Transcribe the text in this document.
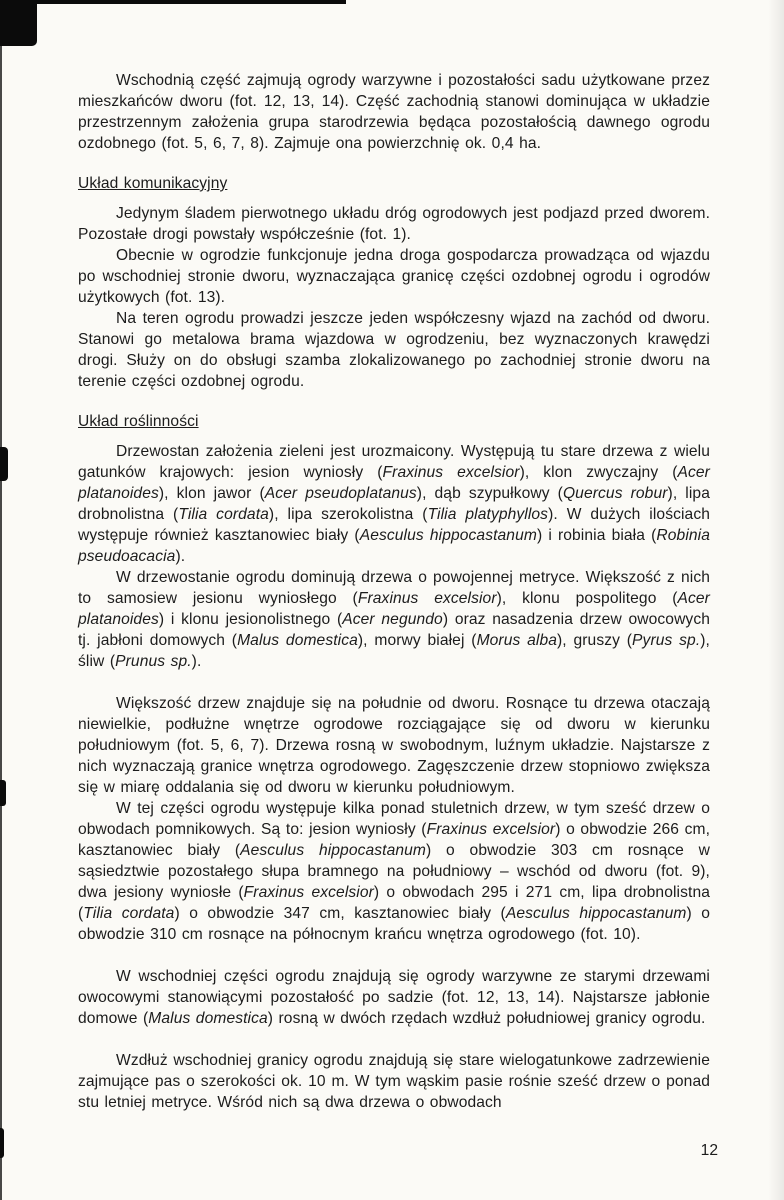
Wschodnią część zajmują ogrody warzywne i pozostałości sadu użytkowane przez mieszkańców dworu (fot. 12, 13, 14). Część zachodnią stanowi dominująca w układzie przestrzennym założenia grupa starodrzewia będąca pozostałością dawnego ogrodu ozdobnego (fot. 5, 6, 7, 8). Zajmuje ona powierzchnię ok. 0,4 ha.

Układ komunikacyjny

Jedynym śladem pierwotnego układu dróg ogrodowych jest podjazd przed dworem. Pozostałe drogi powstały współcześnie (fot. 1).

Obecnie w ogrodzie funkcjonuje jedna droga gospodarcza prowadząca od wjazdu po wschodniej stronie dworu, wyznaczająca granicę części ozdobnej ogrodu i ogrodów użytkowych (fot. 13).

Na teren ogrodu prowadzi jeszcze jeden współczesny wjazd na zachód od dworu. Stanowi go metalowa brama wjazdowa w ogrodzeniu, bez wyznaczonych krawędzi drogi. Służy on do obsługi szamba zlokalizowanego po zachodniej stronie dworu na terenie części ozdobnej ogrodu.

Układ roślinności

Drzewostan założenia zieleni jest urozmaicony. Występują tu stare drzewa z wielu gatunków krajowych: jesion wyniosły (Fraxinus excelsior), klon zwyczajny (Acer platanoides), klon jawor (Acer pseudoplatanus), dąb szypułkowy (Quercus robur), lipa drobnolistna (Tilia cordata), lipa szerokolistna (Tilia platyphyllos). W dużych ilościach występuje również kasztanowiec biały (Aesculus hippocastanum) i robinia biała (Robinia pseudoacacia).

W drzewostanie ogrodu dominują drzewa o powojennej metryce. Większość z nich to samosiew jesionu wyniosłego (Fraxinus excelsior), klonu pospolitego (Acer platanoides) i klonu jesionolistnego (Acer negundo) oraz nasadzenia drzew owocowych tj. jabłoni domowych (Malus domestica), morwy białej (Morus alba), gruszy (Pyrus sp.), śliw (Prunus sp.).

Większość drzew znajduje się na południe od dworu. Rosnące tu drzewa otaczają niewielkie, podłużne wnętrze ogrodowe rozciągające się od dworu w kierunku południowym (fot. 5, 6, 7). Drzewa rosną w swobodnym, luźnym układzie. Najstarsze z nich wyznaczają granice wnętrza ogrodowego. Zagęszczenie drzew stopniowo zwiększa się w miarę oddalania się od dworu w kierunku południowym.

W tej części ogrodu występuje kilka ponad stuletnich drzew, w tym sześć drzew o obwodach pomnikowych. Są to: jesion wyniosły (Fraxinus excelsior) o obwodzie 266 cm, kasztanowiec biały (Aesculus hippocastanum) o obwodzie 303 cm rosnące w sąsiedztwie pozostałego słupa bramnego na południowy – wschód od dworu (fot. 9), dwa jesiony wyniosłe (Fraxinus excelsior) o obwodach 295 i 271 cm, lipa drobnolistna (Tilia cordata) o obwodzie 347 cm, kasztanowiec biały (Aesculus hippocastanum) o obwodzie 310 cm rosnące na północnym krańcu wnętrza ogrodowego (fot. 10).

W wschodniej części ogrodu znajdują się ogrody warzywne ze starymi drzewami owocowymi stanowiącymi pozostałość po sadzie (fot. 12, 13, 14). Najstarsze jabłonie domowe (Malus domestica) rosną w dwóch rzędach wzdłuż południowej granicy ogrodu.

Wzdłuż wschodniej granicy ogrodu znajdują się stare wielogatunkowe zadrzewienie zajmujące pas o szerokości ok. 10 m. W tym wąskim pasie rośnie sześć drzew o ponad stu letniej metryce. Wśród nich są dwa drzewa o obwodach

12
